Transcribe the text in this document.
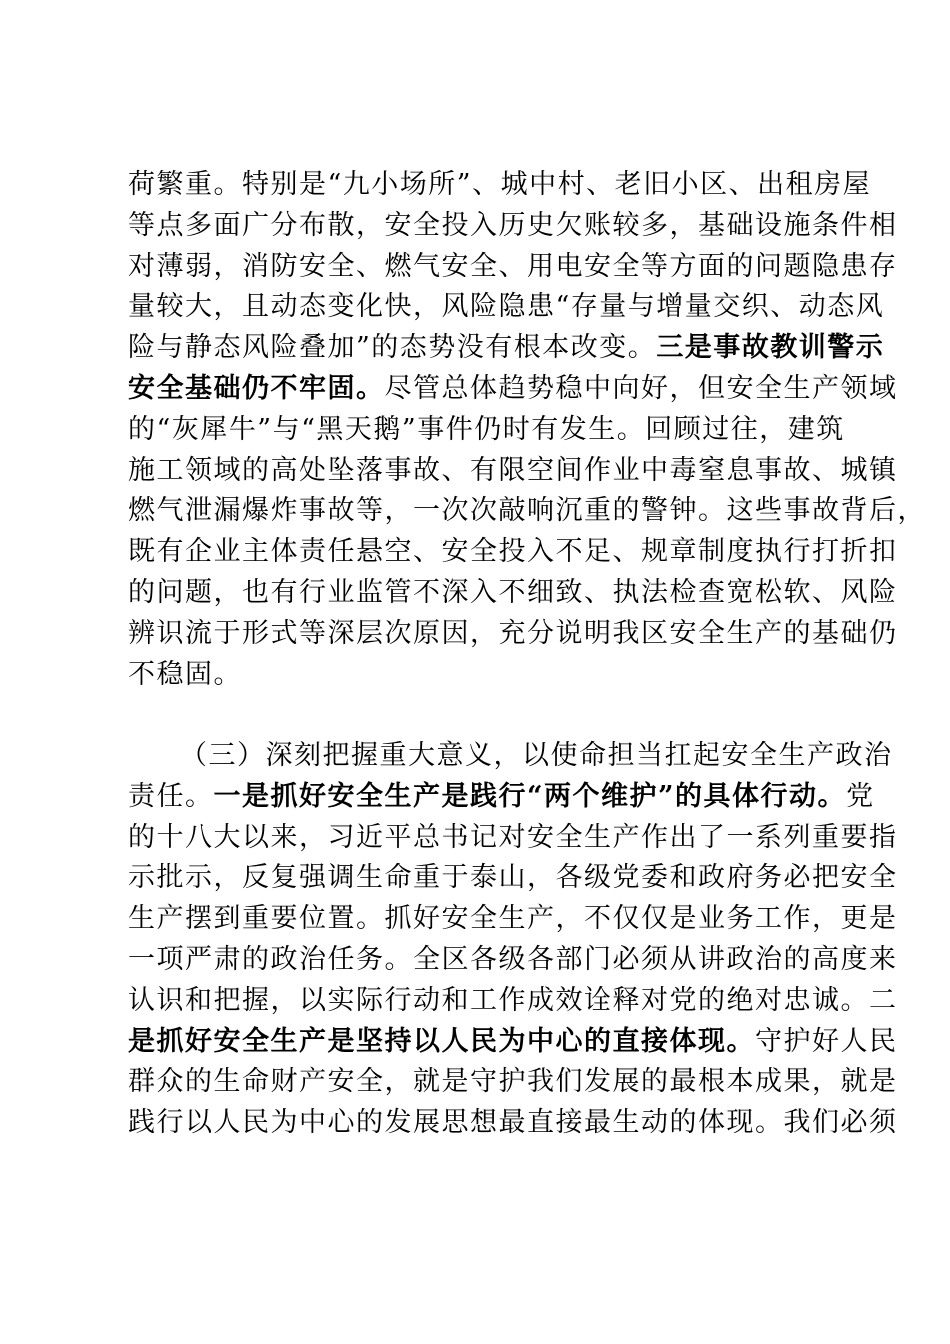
荷繁重。特别是“九小场所”、城中村、老旧小区、出租房屋
等点多面广分布散，安全投入历史欠账较多，基础设施条件相
对薄弱，消防安全、燃气安全、用电安全等方面的问题隐患存
量较大，且动态变化快，风险隐患“存量与增量交织、动态风
险与静态风险叠加”的态势没有根本改变。三是事故教训警示
安全基础仍不牢固。尽管总体趋势稳中向好，但安全生产领域
的“灰犀牛”与“黑天鹅”事件仍时有发生。回顾过往，建筑
施工领域的高处坠落事故、有限空间作业中毒窒息事故、城镇
燃气泄漏爆炸事故等，一次次敲响沉重的警钟。这些事故背后，
既有企业主体责任悬空、安全投入不足、规章制度执行打折扣
的问题，也有行业监管不深入不细致、执法检查宽松软、风险
辨识流于形式等深层次原因，充分说明我区安全生产的基础仍
不稳固。
（三）深刻把握重大意义，以使命担当扛起安全生产政治
责任。一是抓好安全生产是践行“两个维护”的具体行动。党
的十八大以来，习近平总书记对安全生产作出了一系列重要指
示批示，反复强调生命重于泰山，各级党委和政府务必把安全
生产摆到重要位置。抓好安全生产，不仅仅是业务工作，更是
一项严肃的政治任务。全区各级各部门必须从讲政治的高度来
认识和把握，以实际行动和工作成效诠释对党的绝对忠诚。二
是抓好安全生产是坚持以人民为中心的直接体现。守护好人民
群众的生命财产安全，就是守护我们发展的最根本成果，就是
践行以人民为中心的发展思想最直接最生动的体现。我们必须
